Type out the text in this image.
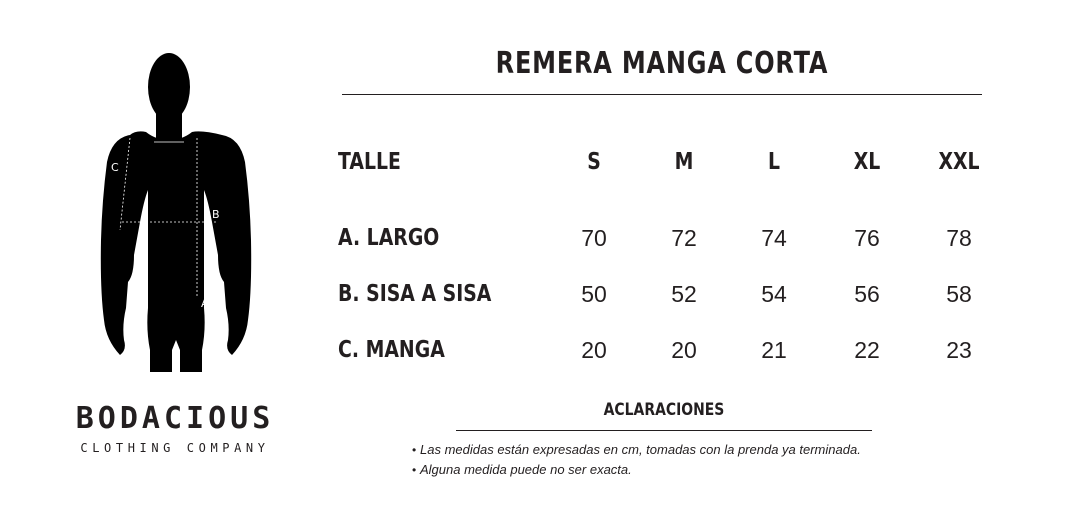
C
B
A
BODACIOUS
CLOTHING COMPANY
REMERA MANGA CORTA
TALLE	S	M	L	XL	XXL
A. LARGO	70	72	74	76	78
B. SISA A SISA	50	52	54	56	58
C. MANGA	20	20	21	22	23
ACLARACIONES
• Las medidas están expresadas en cm, tomadas con la prenda ya terminada.
• Alguna medida puede no ser exacta.
